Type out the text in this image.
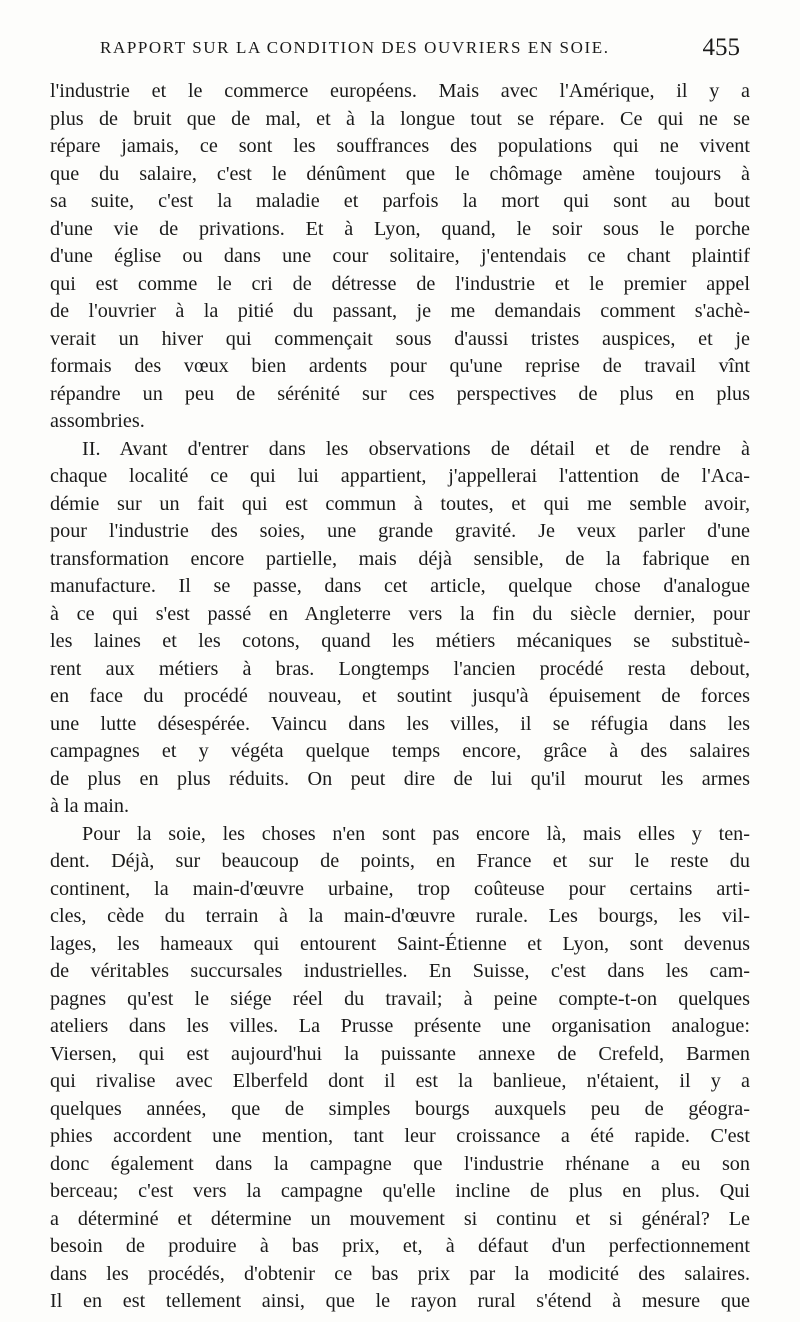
RAPPORT SUR LA CONDITION DES OUVRIERS EN SOIE.	455
l'industrie et le commerce européens. Mais avec l'Amérique, il y a
plus de bruit que de mal, et à la longue tout se répare. Ce qui ne se
répare jamais, ce sont les souffrances des populations qui ne vivent
que du salaire, c'est le dénûment que le chômage amène toujours à
sa suite, c'est la maladie et parfois la mort qui sont au bout
d'une vie de privations. Et à Lyon, quand, le soir sous le porche
d'une église ou dans une cour solitaire, j'entendais ce chant plaintif
qui est comme le cri de détresse de l'industrie et le premier appel
de l'ouvrier à la pitié du passant, je me demandais comment s'achè-
verait un hiver qui commençait sous d'aussi tristes auspices, et je
formais des vœux bien ardents pour qu'une reprise de travail vînt
répandre un peu de sérénité sur ces perspectives de plus en plus
assombries.
II. Avant d'entrer dans les observations de détail et de rendre à
chaque localité ce qui lui appartient, j'appellerai l'attention de l'Aca-
démie sur un fait qui est commun à toutes, et qui me semble avoir,
pour l'industrie des soies, une grande gravité. Je veux parler d'une
transformation encore partielle, mais déjà sensible, de la fabrique en
manufacture. Il se passe, dans cet article, quelque chose d'analogue
à ce qui s'est passé en Angleterre vers la fin du siècle dernier, pour
les laines et les cotons, quand les métiers mécaniques se substituè-
rent aux métiers à bras. Longtemps l'ancien procédé resta debout,
en face du procédé nouveau, et soutint jusqu'à épuisement de forces
une lutte désespérée. Vaincu dans les villes, il se réfugia dans les
campagnes et y végéta quelque temps encore, grâce à des salaires
de plus en plus réduits. On peut dire de lui qu'il mourut les armes
à la main.
Pour la soie, les choses n'en sont pas encore là, mais elles y ten-
dent. Déjà, sur beaucoup de points, en France et sur le reste du
continent, la main-d'œuvre urbaine, trop coûteuse pour certains arti-
cles, cède du terrain à la main-d'œuvre rurale. Les bourgs, les vil-
lages, les hameaux qui entourent Saint-Étienne et Lyon, sont devenus
de véritables succursales industrielles. En Suisse, c'est dans les cam-
pagnes qu'est le siége réel du travail; à peine compte-t-on quelques
ateliers dans les villes. La Prusse présente une organisation analogue:
Viersen, qui est aujourd'hui la puissante annexe de Crefeld, Barmen
qui rivalise avec Elberfeld dont il est la banlieue, n'étaient, il y a
quelques années, que de simples bourgs auxquels peu de géogra-
phies accordent une mention, tant leur croissance a été rapide. C'est
donc également dans la campagne que l'industrie rhénane a eu son
berceau; c'est vers la campagne qu'elle incline de plus en plus. Qui
a déterminé et détermine un mouvement si continu et si général? Le
besoin de produire à bas prix, et, à défaut d'un perfectionnement
dans les procédés, d'obtenir ce bas prix par la modicité des salaires.
Il en est tellement ainsi, que le rayon rural s'étend à mesure que
